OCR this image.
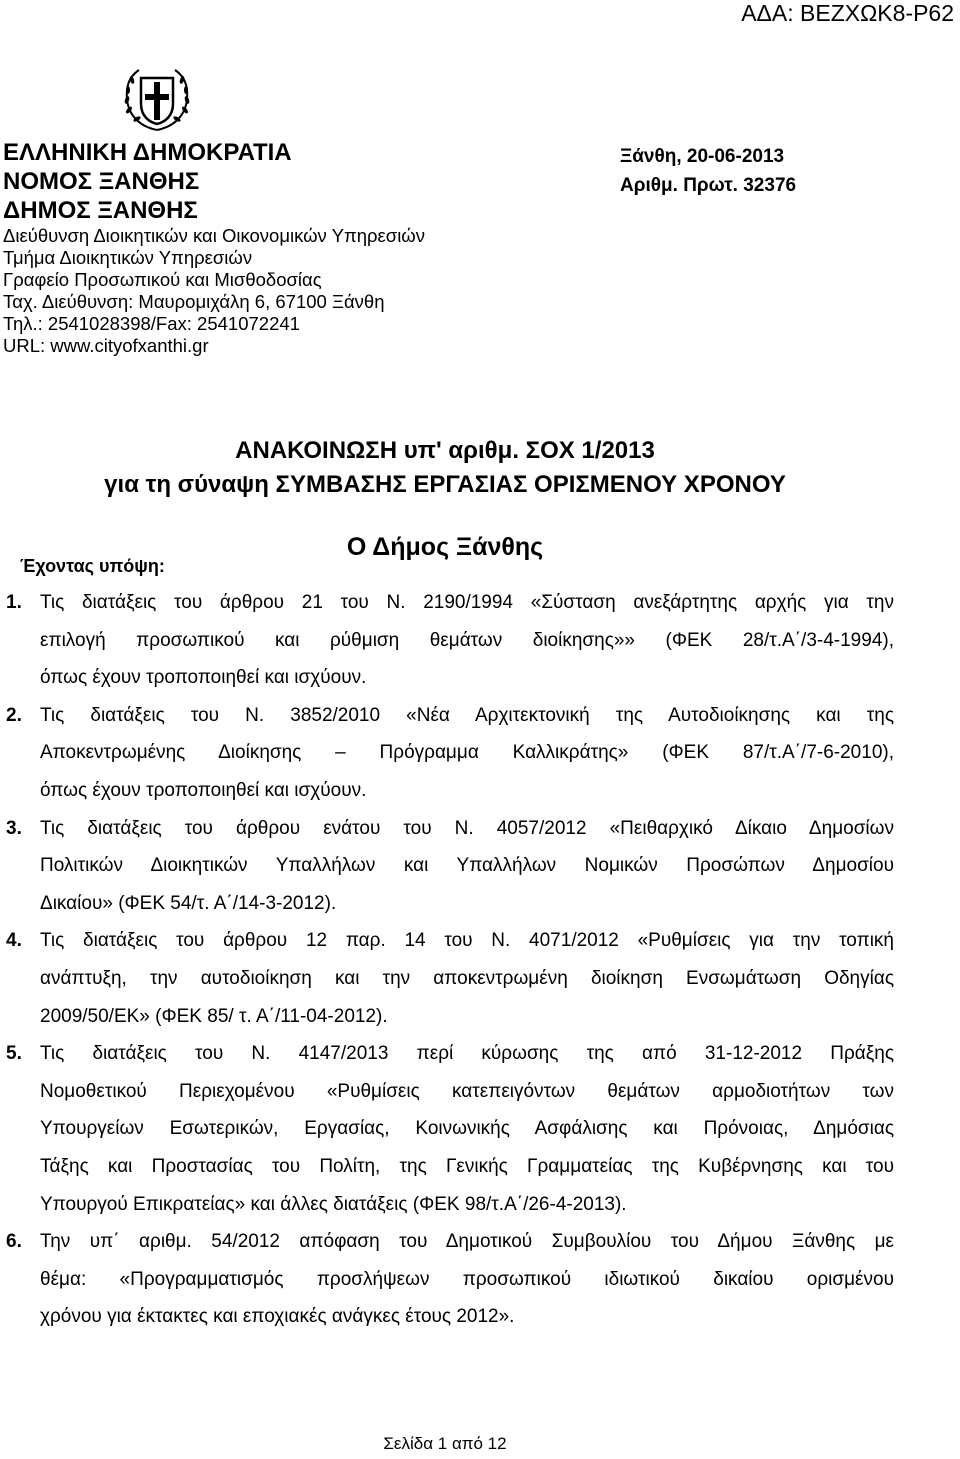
ΑΔΑ: ΒΕΖΧΩΚ8-Ρ62
ΕΛΛΗΝΙΚΗ ΔΗΜΟΚΡΑΤΙΑ
ΝΟΜΟΣ ΞΑΝΘΗΣ
ΔΗΜΟΣ ΞΑΝΘΗΣ
Διεύθυνση Διοικητικών και Οικονομικών Υπηρεσιών
Τμήμα Διοικητικών Υπηρεσιών
Γραφείο Προσωπικού και Μισθοδοσίας
Ταχ. Διεύθυνση: Μαυρομιχάλη 6, 67100 Ξάνθη
Τηλ.: 2541028398/Fax: 2541072241
URL: www.cityofxanthi.gr
Ξάνθη, 20-06-2013
Αριθμ. Πρωτ. 32376
ΑΝΑΚΟΙΝΩΣΗ υπ' αριθμ. ΣΟΧ 1/2013
για τη σύναψη ΣΥΜΒΑΣΗΣ ΕΡΓΑΣΙΑΣ ΟΡΙΣΜΕΝΟΥ ΧΡΟΝΟΥ
Ο Δήμος Ξάνθης
Έχοντας υπόψη:
1. Τις διατάξεις του άρθρου 21 του Ν. 2190/1994 «Σύσταση ανεξάρτητης αρχής για την
επιλογή προσωπικού και ρύθμιση θεμάτων διοίκησης»» (ΦΕΚ 28/τ.Α΄/3-4-1994),
όπως έχουν τροποποιηθεί και ισχύουν.
2. Τις διατάξεις του Ν. 3852/2010 «Νέα Αρχιτεκτονική της Αυτοδιοίκησης και της
Αποκεντρωμένης Διοίκησης – Πρόγραμμα Καλλικράτης» (ΦΕΚ 87/τ.Α΄/7-6-2010),
όπως έχουν τροποποιηθεί και ισχύουν.
3. Τις διατάξεις του άρθρου ενάτου του Ν. 4057/2012 «Πειθαρχικό Δίκαιο Δημοσίων
Πολιτικών Διοικητικών Υπαλλήλων και Υπαλλήλων Νομικών Προσώπων Δημοσίου
Δικαίου» (ΦΕΚ 54/τ. Α΄/14-3-2012).
4. Τις διατάξεις του άρθρου 12 παρ. 14 του Ν. 4071/2012 «Ρυθμίσεις για την τοπική
ανάπτυξη, την αυτοδιοίκηση και την αποκεντρωμένη διοίκηση Ενσωμάτωση Οδηγίας
2009/50/ΕΚ» (ΦΕΚ 85/ τ. Α΄/11-04-2012).
5. Τις διατάξεις του Ν. 4147/2013 περί κύρωσης της από 31-12-2012 Πράξης
Νομοθετικού Περιεχομένου «Ρυθμίσεις κατεπειγόντων θεμάτων αρμοδιοτήτων των
Υπουργείων Εσωτερικών, Εργασίας, Κοινωνικής Ασφάλισης και Πρόνοιας, Δημόσιας
Τάξης και Προστασίας του Πολίτη, της Γενικής Γραμματείας της Κυβέρνησης και του
Υπουργού Επικρατείας» και άλλες διατάξεις (ΦΕΚ 98/τ.Α΄/26-4-2013).
6. Την υπ΄ αριθμ. 54/2012 απόφαση του Δημοτικού Συμβουλίου του Δήμου Ξάνθης με
θέμα: «Προγραμματισμός προσλήψεων προσωπικού ιδιωτικού δικαίου ορισμένου
χρόνου για έκτακτες και εποχιακές ανάγκες έτους 2012».
Σελίδα 1 από 12
